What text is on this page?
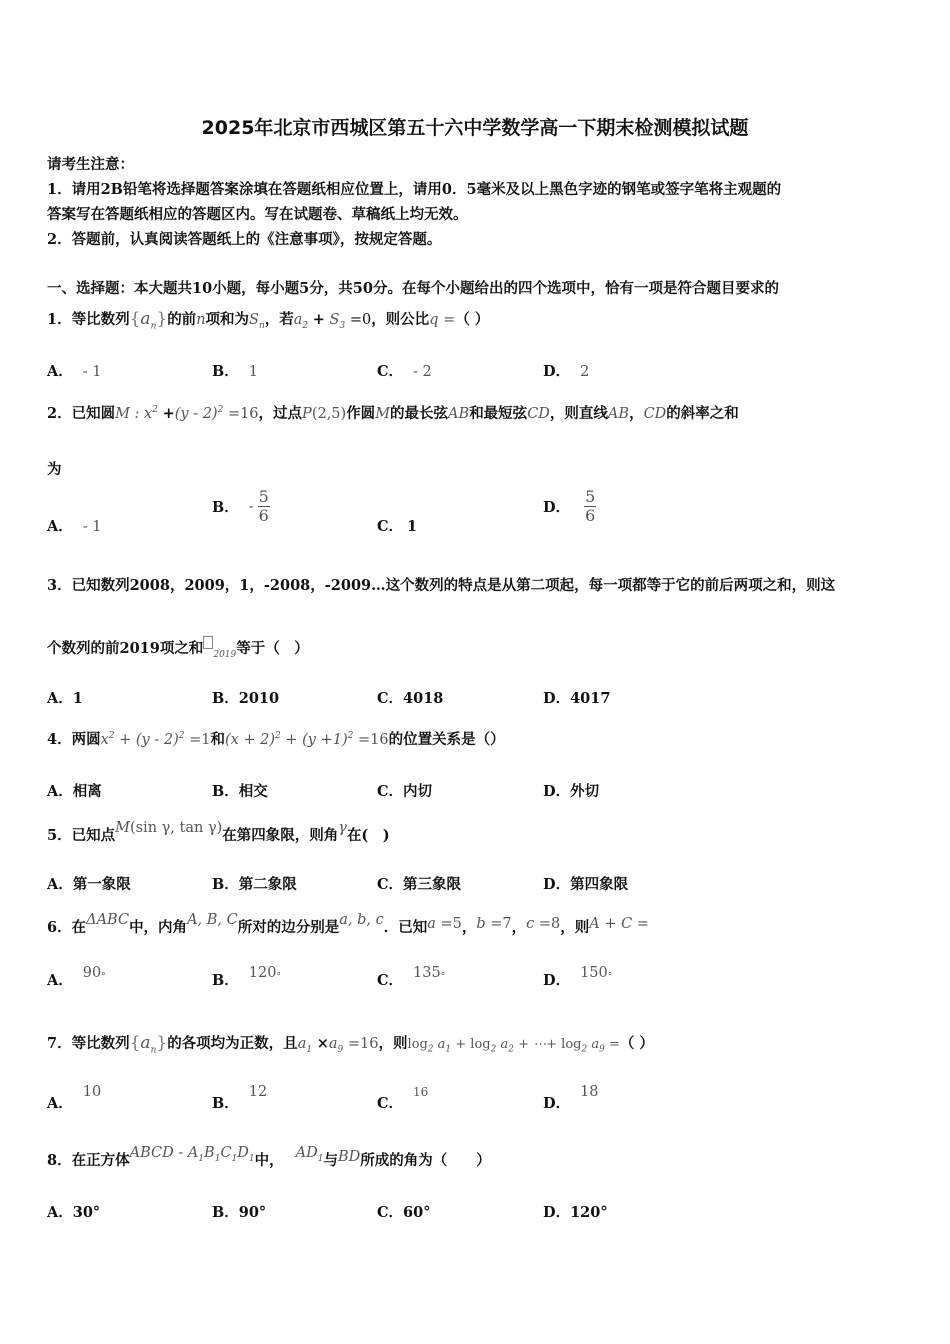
2025年北京市西城区第五十六中学数学高一下期末检测模拟试题
请考生注意：
1．请用2B铅笔将选择题答案涂填在答题纸相应位置上，请用0．5毫米及以上黑色字迹的钢笔或签字笔将主观题的
答案写在答题纸相应的答题区内。写在试题卷、草稿纸上均无效。
2．答题前，认真阅读答题纸上的《注意事项》，按规定答题。
一、选择题：本大题共10小题，每小题5分，共50分。在每个小题给出的四个选项中，恰有一项是符合题目要求的
1．等比数列$\{a_n\}$的前n项和为$S_n$，若$a_2 + S_3 =0$，则公比q =（ ）
A． - 1	B． 1	C． - 2	D． 2
2．已知圆M : $x^2 +(y - 2)^2 =16$，过点P(2,5)作圆M的最长弦AB和最短弦CD，则直线AB，CD的斜率之和
为
A． - 1
B． - $\frac{5}{6}$
C． 1
D． $\frac{5}{6}$
3．已知数列2008，2009，1，-2008，-2009…这个数列的特点是从第二项起，每一项都等于它的前后两项之和，则这
个数列的前2019项之和 $_{2019}$等于（　）
A．1	B．2010	C．4018	D．4017
4．两圆$x^2 + (y - 2)^2 =1$和$(x + 2)^2 + (y +1)^2 =16$的位置关系是（）
A．相离	B．相交	C．内切	D．外切
5．已知点M(sin γ, tan γ)在第四象限，则角γ在(　)
A．第一象限	B．第二象限	C．第三象限	D．第四象限
6．在ΔABC中，内角A, B, C所对的边分别是a, b, c．已知a =5，b =7，c =8，则A + C =
A． 90°	B． 120°	C． 135°	D． 150°
7．等比数列$\{a_n\}$的各项均为正数，且$a_1 \times a_9 =16$，则$\log_2 a_1 + \log_2 a_2$ + ⋯+ $\log_2 a_9$ =（ ）
A．10
B．12
C．16
D．18
8．在正方体ABCD - $A_1B_1C_1D_1$中， $AD_1$与BD所成的角为（　　）
A．30°	B．90°	C．60°	D．120°
